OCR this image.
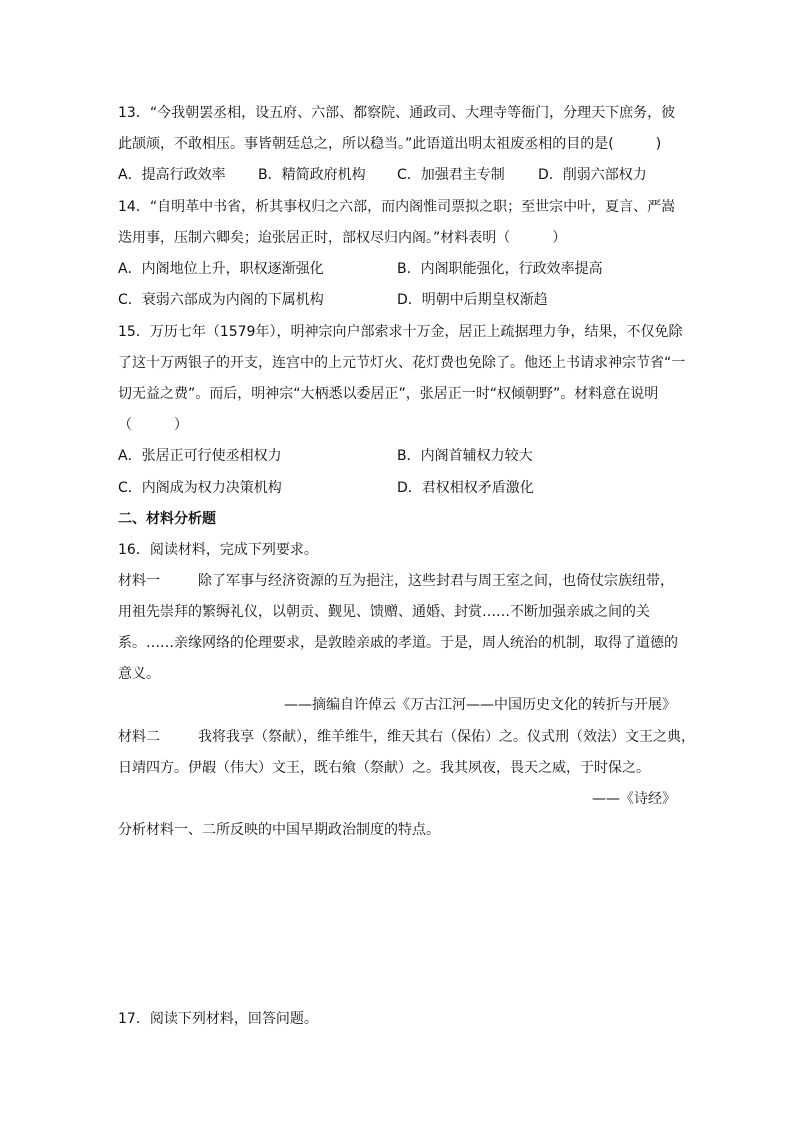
13．“今我朝罢丞相，设五府、六部、都察院、通政司、大理寺等衙门，分理天下庶务，彼
此颉颃，不敢相压。事皆朝廷总之，所以稳当。”此语道出明太祖废丞相的目的是(　　　)
A．提高行政效率 B．精简政府机构 C．加强君主专制 D．削弱六部权力
14．“自明革中书省，析其事权归之六部，而内阁惟司票拟之职；至世宗中叶，夏言、严嵩
迭用事，压制六卿矣；迨张居正时，部权尽归内阁。”材料表明（　　　）
A．内阁地位上升，职权逐渐强化	B．内阁职能强化，行政效率提高
C．衰弱六部成为内阁的下属机构	D．明朝中后期皇权渐趋
15．万历七年（1579年），明神宗向户部索求十万金，居正上疏据理力争，结果，不仅免除
了这十万两银子的开支，连宫中的上元节灯火、花灯费也免除了。他还上书请求神宗节省“一
切无益之费”。而后，明神宗“大柄悉以委居正”，张居正一时“权倾朝野”。材料意在说明
（　　　）
A．张居正可行使丞相权力	B．内阁首辅权力较大
C．内阁成为权力决策机构	D．君权相权矛盾激化
二、材料分析题
16．阅读材料，完成下列要求。
材料一	除了军事与经济资源的互为挹注，这些封君与周王室之间，也倚仗宗族纽带，
用祖先崇拜的繁缛礼仪，以朝贡、觐见、馈赠、通婚、封赏……不断加强亲戚之间的关
系。……亲缘网络的伦理要求，是敦睦亲戚的孝道。于是，周人统治的机制，取得了道德的
意义。
——摘编自许倬云《万古江河——中国历史文化的转折与开展》
材料二	我将我享（祭献），维羊维牛，维天其右（保佑）之。仪式刑（效法）文王之典，
日靖四方。伊嘏（伟大）文王，既右飨（祭献）之。我其夙夜，畏天之威，于时保之。
——《诗经》
分析材料一、二所反映的中国早期政治制度的特点。
17．阅读下列材料，回答问题。
